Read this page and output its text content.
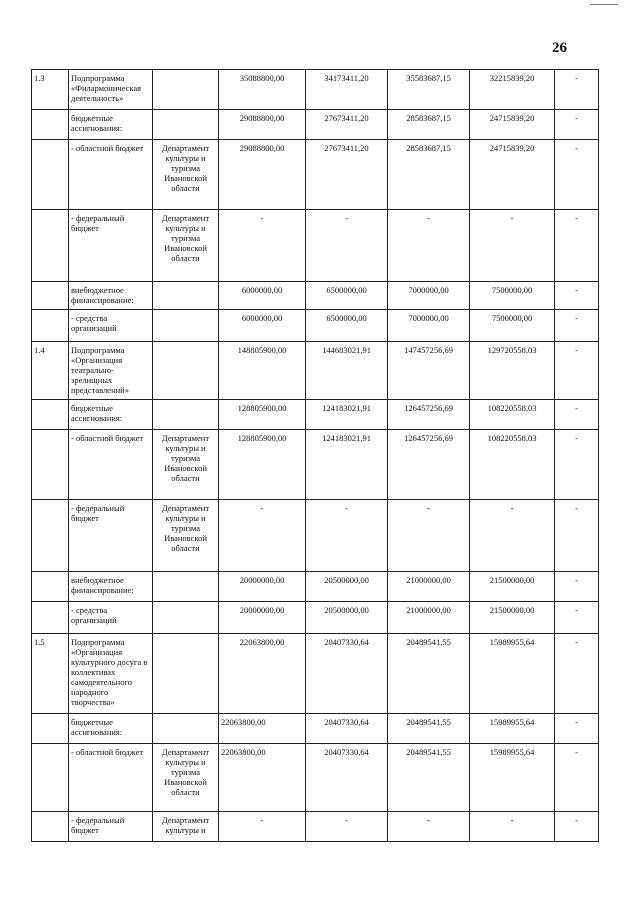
26
1.3	Подпрограмма «Филармоническая деятельность»		35088800,00	34173411,20	35583687,15	32215839,20	-
	бюджетные ассигнования:		29088800,00	27673411,20	28583687,15	24715839,20	-
	- областной бюджет	Департамент культуры и туризма Ивановской области	29088800,00	27673411,20	28583687,15	24715839,20	-
	- федеральный бюджет	Департамент культуры и туризма Ивановской области	-	-	-	-	-
	внебюджетное финансирование:		6000000,00	6500000,00	7000000,00	7500000,00	-
	- средства организаций		6000000,00	6500000,00	7000000,00	7500000,00	-
1.4	Подпрограмма «Организация театрально-зрелищных представлений»		148805900,00	144683021,91	147457256,69	129720558,03	-
	бюджетные ассигнования:		128805900,00	124183021,91	126457256,69	108220558,03	-
	- областной бюджет	Департамент культуры и туризма Ивановской области	128805900,00	124183021,91	126457256,69	108220558,03	-
	- федеральный бюджет	Департамент культуры и туризма Ивановской области	-	-	-	-	-
	внебюджетное финансирование:		20000000,00	20500000,00	21000000,00	21500000,00	-
	- средства организаций		20000000,00	20500000,00	21000000,00	21500000,00	-
1.5	Подпрограмма «Организация культурного досуга в коллективах самодеятельного народного творчества»		22063800,00	20407330,64	20489541,55	15989955,64	-
	бюджетные ассигнования:		22063800,00	20407330,64	20489541,55	15989955,64	-
	- областной бюджет	Департамент культуры и туризма Ивановской области	22063800,00	20407330,64	20489541,55	15989955,64	-
	- федеральный бюджет	Департамент культуры и	-	-	-	-	-
